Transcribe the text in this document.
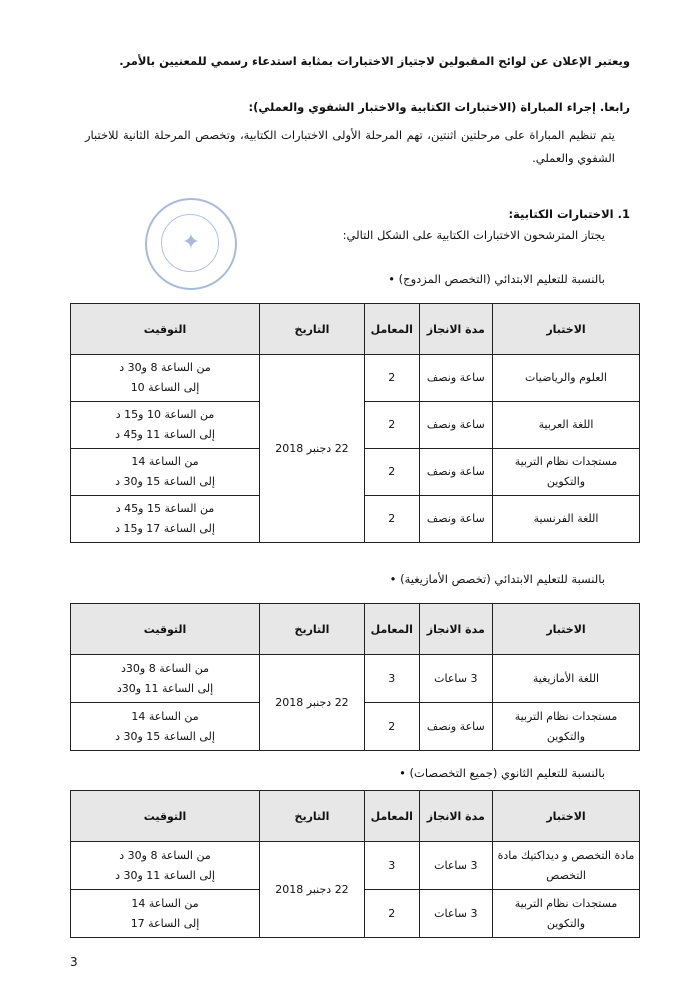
ويعتبر الإعلان عن لوائح المقبولين لاجتياز الاختبارات بمثابة استدعاء رسمي للمعنيين بالأمر.
رابعا. إجراء المباراة (الاختبارات الكتابية والاختبار الشفوي والعملي):
يتم تنظيم المباراة على مرحلتين اثنتين، تهم المرحلة الأولى الاختبارات الكتابية، وتخصص المرحلة الثانية للاختبار الشفوي والعملي.
1. الاختبارات الكتابية:
يجتاز المترشحون الاختبارات الكتابية على الشكل التالي:
✦
بالنسبة للتعليم الابتدائي (التخصص المزدوج) •
الاختبار	مدة الانجاز	المعامل	التاريخ	التوقيت
العلوم والرياضيات	ساعة ونصف	2	22 دجنبر 2018	من الساعة 8 و30 د
إلى الساعة 10

اللغة العربية	ساعة ونصف	2		من الساعة 10 و15 د
إلى الساعة 11 و45 د

مستجدات نظام التربية والتكوين	ساعة ونصف	2		من الساعة 14
إلى الساعة 15 و30 د

اللغة الفرنسية	ساعة ونصف	2		من الساعة 15 و45 د
إلى الساعة 17 و15 د
بالنسبة للتعليم الابتدائي (تخصص الأمازيغية) •
الاختبار	مدة الانجاز	المعامل	التاريخ	التوقيت
اللغة الأمازيغية	3 ساعات	3	22 دجنبر 2018	من الساعة 8 و30د
إلى الساعة 11 و30د

مستجدات نظام التربية والتكوين	ساعة ونصف	2		من الساعة 14
إلى الساعة 15 و30 د
بالنسبة للتعليم الثانوي (جميع التخصصات) •
الاختبار	مدة الانجاز	المعامل	التاريخ	التوقيت
مادة التخصص و ديداكتيك مادة التخصص	3 ساعات	3	22 دجنبر 2018	من الساعة 8 و30 د
إلى الساعة 11 و30 د

مستجدات نظام التربية والتكوين	3 ساعات	2		من الساعة 14
إلى الساعة 17
3
